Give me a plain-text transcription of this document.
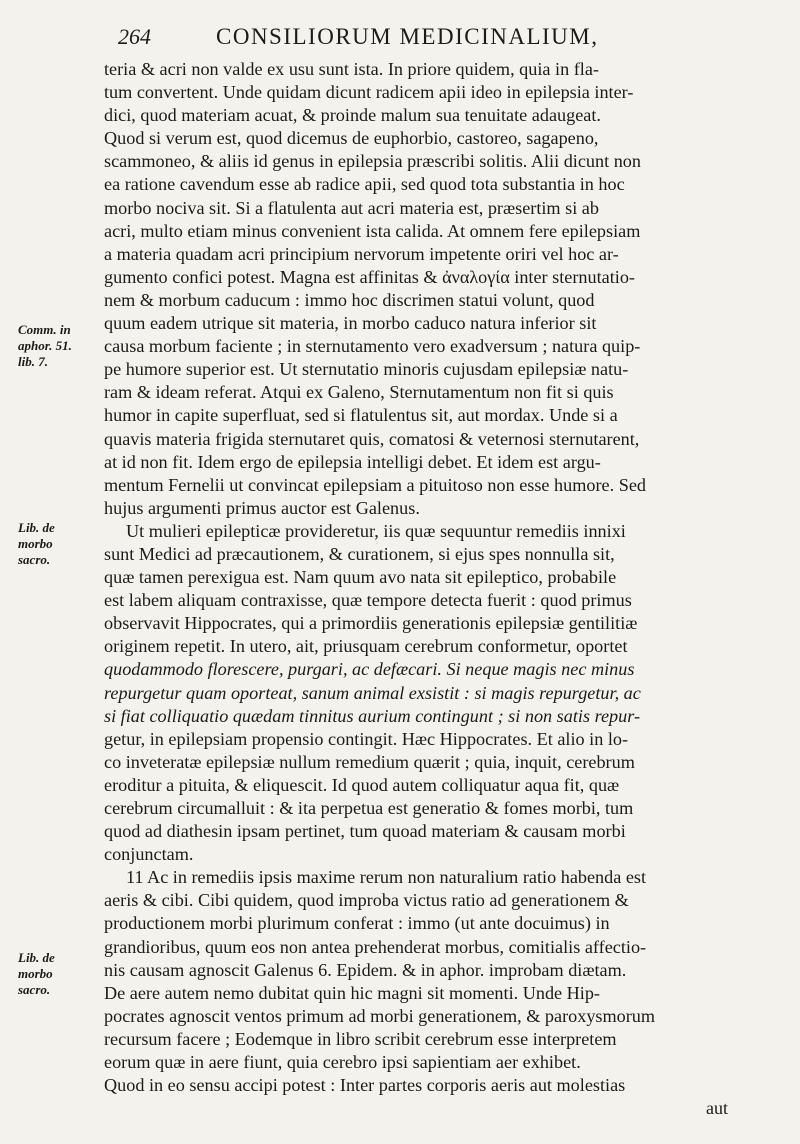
264	CONSILIORUM MEDICINALIUM,
Comm. in
aphor. 51.
lib. 7.
Lib. de
morbo
sacro.
Lib. de
morbo
sacro.
teria & acri non valde ex usu sunt ista. In priore quidem, quia in fla-
tum convertent. Unde quidam dicunt radicem apii ideo in epilepsia inter-
dici, quod materiam acuat, & proinde malum sua tenuitate adaugeat.
Quod si verum est, quod dicemus de euphorbio, castoreo, sagapeno,
scammoneo, & aliis id genus in epilepsia præscribi solitis. Alii dicunt non
ea ratione cavendum esse ab radice apii, sed quod tota substantia in hoc
morbo nociva sit. Si a flatulenta aut acri materia est, præsertim si ab
acri, multo etiam minus convenient ista calida. At omnem fere epilepsiam
a materia quadam acri principium nervorum impetente oriri vel hoc ar-
gumento confici potest. Magna est affinitas & ἀναλογία inter sternutatio-
nem & morbum caducum : immo hoc discrimen statui volunt, quod
quum eadem utrique sit materia, in morbo caduco natura inferior sit
causa morbum faciente ; in sternutamento vero exadversum ; natura quip-
pe humore superior est. Ut sternutatio minoris cujusdam epilepsiæ natu-
ram & ideam referat. Atqui ex Galeno, Sternutamentum non fit si quis
humor in capite superfluat, sed si flatulentus sit, aut mordax. Unde si a
quavis materia frigida sternutaret quis, comatosi & veternosi sternutarent,
at id non fit. Idem ergo de epilepsia intelligi debet. Et idem est argu-
mentum Fernelii ut convincat epilepsiam a pituitoso non esse humore. Sed
hujus argumenti primus auctor est Galenus.
Ut mulieri epilepticæ provideretur, iis quæ sequuntur remediis innixi
sunt Medici ad præcautionem, & curationem, si ejus spes nonnulla sit,
quæ tamen perexigua est. Nam quum avo nata sit epileptico, probabile
est labem aliquam contraxisse, quæ tempore detecta fuerit : quod primus
observavit Hippocrates, qui a primordiis generationis epilepsiæ gentilitiæ
originem repetit. In utero, ait, priusquam cerebrum conformetur, oportet
quodammodo florescere, purgari, ac defæcari. Si neque magis nec minus
repurgetur quam oporteat, sanum animal exsistit : si magis repurgetur, ac
si fiat colliquatio quædam tinnitus aurium contingunt ; si non satis repur-
getur, in epilepsiam propensio contingit. Hæc Hippocrates. Et alio in lo-
co inveteratæ epilepsiæ nullum remedium quærit ; quia, inquit, cerebrum
eroditur a pituita, & eliquescit. Id quod autem colliquatur aqua fit, quæ
cerebrum circumalluit : & ita perpetua est generatio & fomes morbi, tum
quod ad diathesin ipsam pertinet, tum quoad materiam & causam morbi
conjunctam.
11 Ac in remediis ipsis maxime rerum non naturalium ratio habenda est
aeris & cibi. Cibi quidem, quod improba victus ratio ad generationem &
productionem morbi plurimum conferat : immo (ut ante docuimus) in
grandioribus, quum eos non antea prehenderat morbus, comitialis affectio-
nis causam agnoscit Galenus 6. Epidem. & in aphor. improbam diætam.
De aere autem nemo dubitat quin hic magni sit momenti. Unde Hip-
pocrates agnoscit ventos primum ad morbi generationem, & paroxysmorum
recursum facere ; Eodemque in libro scribit cerebrum esse interpretem
eorum quæ in aere fiunt, quia cerebro ipsi sapientiam aer exhibet.
Quod in eo sensu accipi potest : Inter partes corporis aeris aut molestias
aut
